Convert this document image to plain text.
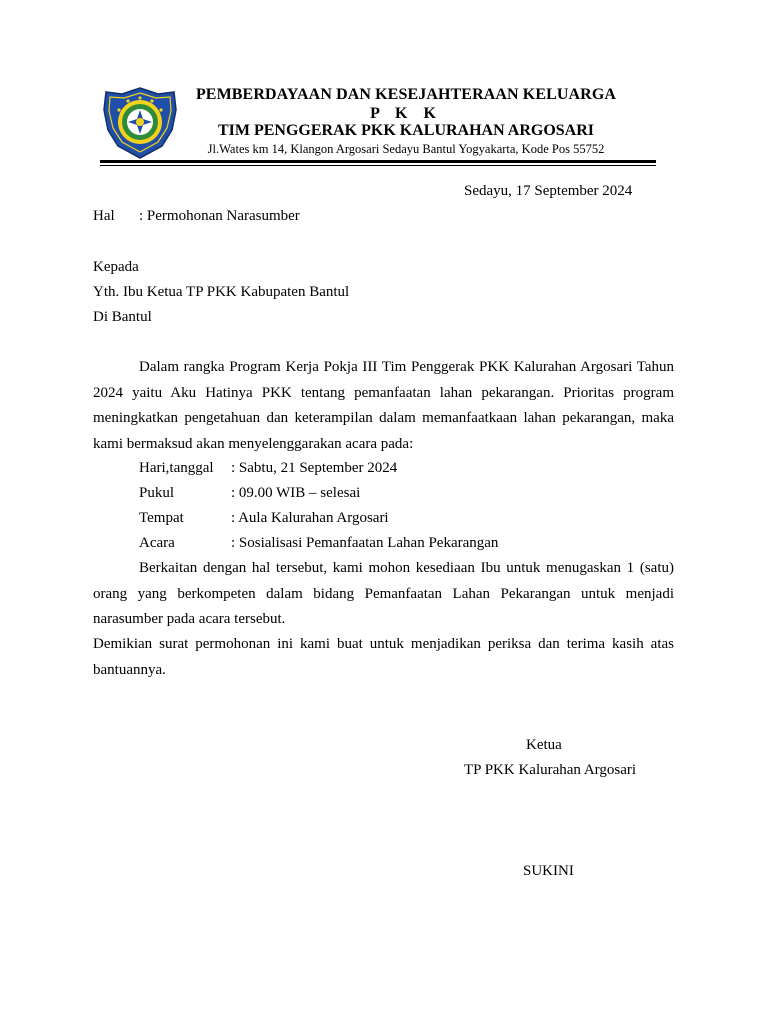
PEMBERDAYAAN DAN KESEJAHTERAAN KELUARGA
P K K
TIM PENGGERAK PKK KALURAHAN ARGOSARI
Jl.Wates km 14, Klangon Argosari Sedayu Bantul Yogyakarta, Kode Pos 55752
Sedayu, 17 September 2024
Hal : Permohonan Narasumber
Kepada
Yth. Ibu Ketua TP PKK Kabupaten Bantul
Di Bantul
Dalam rangka Program Kerja Pokja III Tim Penggerak PKK Kalurahan Argosari Tahun
2024 yaitu Aku Hatinya PKK tentang pemanfaatan lahan pekarangan. Prioritas program
meningkatkan pengetahuan dan keterampilan dalam memanfaatkaan lahan pekarangan, maka
kami bermaksud akan menyelenggarakan acara pada:
Hari,tanggal : Sabtu, 21 September 2024
Pukul	: 09.00 WIB – selesai
Tempat	: Aula Kalurahan Argosari
Acara	: Sosialisasi Pemanfaatan Lahan Pekarangan
Berkaitan dengan hal tersebut, kami mohon kesediaan Ibu untuk menugaskan 1 (satu)
orang yang berkompeten dalam bidang Pemanfaatan Lahan Pekarangan untuk menjadi
narasumber pada acara tersebut.
Demikian surat permohonan ini kami buat untuk menjadikan periksa dan terima kasih atas
bantuannya.
Ketua
TP PKK Kalurahan Argosari
SUKINI
